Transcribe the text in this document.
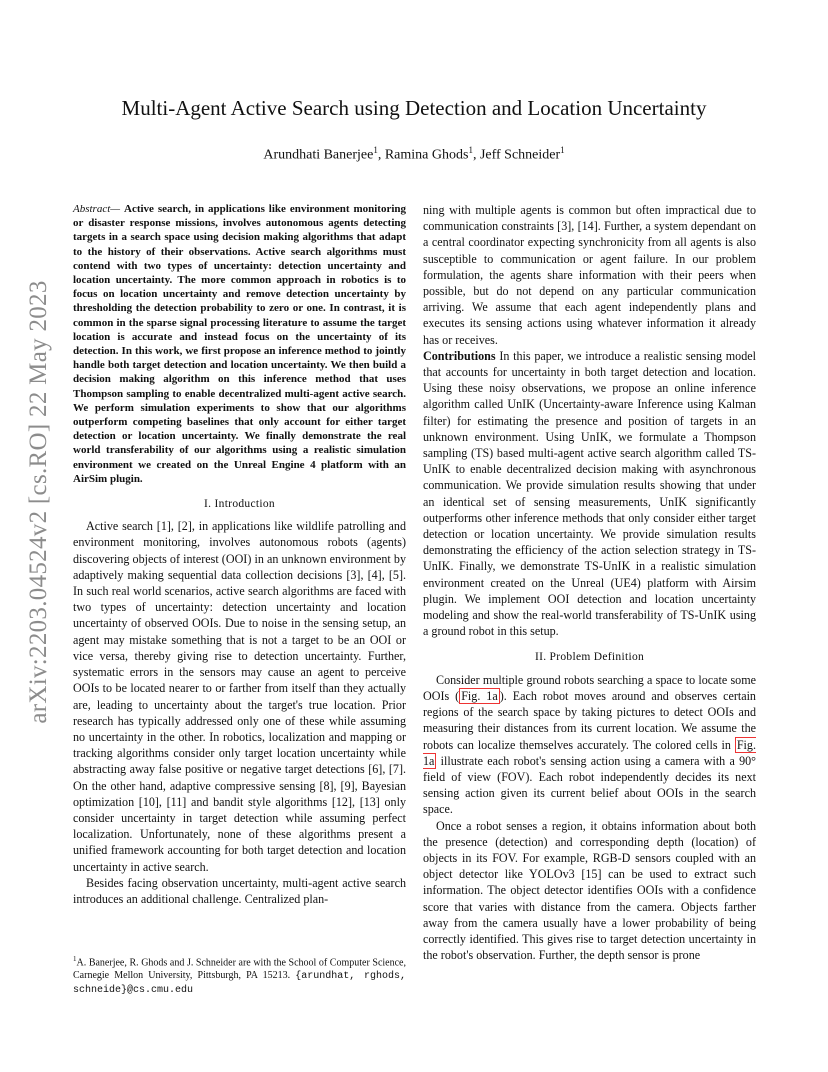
arXiv:2203.04524v2 [cs.RO] 22 May 2023
Multi-Agent Active Search using Detection and Location Uncertainty
Arundhati Banerjee$^1$, Ramina Ghods$^1$, Jeff Schneider$^1$
Abstract— Active search, in applications like environment monitoring or disaster response missions, involves autonomous agents detecting targets in a search space using decision making algorithms that adapt to the history of their observations. Active search algorithms must contend with two types of uncertainty: detection uncertainty and location uncertainty. The more common approach in robotics is to focus on location uncertainty and remove detection uncertainty by thresholding the detection probability to zero or one. In contrast, it is common in the sparse signal processing literature to assume the target location is accurate and instead focus on the uncertainty of its detection. In this work, we first propose an inference method to jointly handle both target detection and location uncertainty. We then build a decision making algorithm on this inference method that uses Thompson sampling to enable decentralized multi-agent active search. We perform simulation experiments to show that our algorithms outperform competing baselines that only account for either target detection or location uncertainty. We finally demonstrate the real world transferability of our algorithms using a realistic simulation environment we created on the Unreal Engine 4 platform with an AirSim plugin.
I. Introduction

Active search [1], [2], in applications like wildlife patrolling and environment monitoring, involves autonomous robots (agents) discovering objects of interest (OOI) in an unknown environment by adaptively making sequential data collection decisions [3], [4], [5]. In such real world scenarios, active search algorithms are faced with two types of uncertainty: detection uncertainty and location uncertainty of observed OOIs. Due to noise in the sensing setup, an agent may mistake something that is not a target to be an OOI or vice versa, thereby giving rise to detection uncertainty. Further, systematic errors in the sensors may cause an agent to perceive OOIs to be located nearer to or farther from itself than they actually are, leading to uncertainty about the target's true location. Prior research has typically addressed only one of these while assuming no uncertainty in the other. In robotics, localization and mapping or tracking algorithms consider only target location uncertainty while abstracting away false positive or negative target detections [6], [7]. On the other hand, adaptive compressive sensing [8], [9], Bayesian optimization [10], [11] and bandit style algorithms [12], [13] only consider uncertainty in target detection while assuming perfect localization. Unfortunately, none of these algorithms present a unified framework accounting for both target detection and location uncertainty in active search.

Besides facing observation uncertainty, multi-agent active search introduces an additional challenge. Centralized plan-

ning with multiple agents is common but often impractical due to communication constraints [3], [14]. Further, a system dependant on a central coordinator expecting synchronicity from all agents is also susceptible to communication or agent failure. In our problem formulation, the agents share information with their peers when possible, but do not depend on any particular communication arriving. We assume that each agent independently plans and executes its sensing actions using whatever information it already has or receives.

Contributions In this paper, we introduce a realistic sensing model that accounts for uncertainty in both target detection and location. Using these noisy observations, we propose an online inference algorithm called UnIK (Uncertainty-aware Inference using Kalman filter) for estimating the presence and position of targets in an unknown environment. Using UnIK, we formulate a Thompson sampling (TS) based multi-agent active search algorithm called TS-UnIK to enable decentralized decision making with asynchronous communication. We provide simulation results showing that under an identical set of sensing measurements, UnIK significantly outperforms other inference methods that only consider either target detection or location uncertainty. We provide simulation results demonstrating the efficiency of the action selection strategy in TS-UnIK. Finally, we demonstrate TS-UnIK in a realistic simulation environment created on the Unreal (UE4) platform with Airsim plugin. We implement OOI detection and location uncertainty modeling and show the real-world transferability of TS-UnIK using a ground robot in this setup.

II. Problem Definition

Consider multiple ground robots searching a space to locate some OOIs ( Fig. 1a ). Each robot moves around and observes certain regions of the search space by taking pictures to detect OOIs and measuring their distances from its current location. We assume the robots can localize themselves accurately. The colored cells in Fig. 1a illustrate each robot's sensing action using a camera with a 90° field of view (FOV). Each robot independently decides its next sensing action given its current belief about OOIs in the search space.

Once a robot senses a region, it obtains information about both the presence (detection) and corresponding depth (location) of objects in its FOV. For example, RGB-D sensors coupled with an object detector like YOLOv3 [15] can be used to extract such information. The object detector identifies OOIs with a confidence score that varies with distance from the camera. Objects farther away from the camera usually have a lower probability of being correctly identified. This gives rise to target detection uncertainty in the robot's observation. Further, the depth sensor is prone

$^1$A. Banerjee, R. Ghods and J. Schneider are with the School of Computer Science, Carnegie Mellon University, Pittsburgh, PA 15213. {arundhat, rghods, schneide}@cs.cmu.edu
